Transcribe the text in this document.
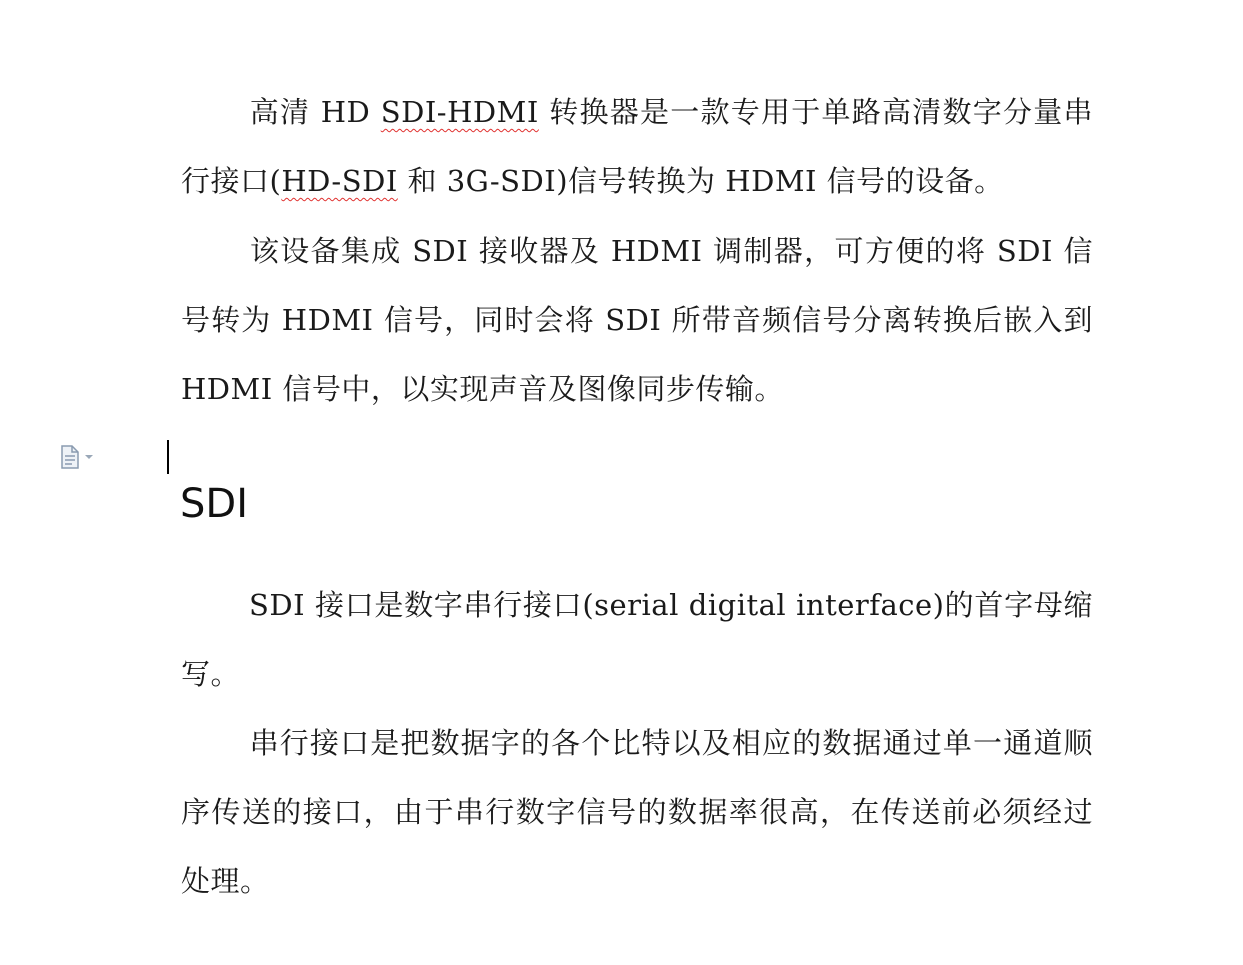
高清 HD SDI-HDMI 转换器是一款专用于单路高清数字分量串行接口(HD-SDI 和 3G-SDI)信号转换为 HDMI 信号的设备。
该设备集成 SDI 接收器及 HDMI 调制器，可方便的将 SDI 信号转为 HDMI 信号，同时会将 SDI 所带音频信号分离转换后嵌入到 HDMI 信号中，以实现声音及图像同步传输。
SDI
SDI 接口是数字串行接口(serial digital interface)的首字母缩写。
串行接口是把数据字的各个比特以及相应的数据通过单一通道顺序传送的接口，由于串行数字信号的数据率很高，在传送前必须经过处理。
